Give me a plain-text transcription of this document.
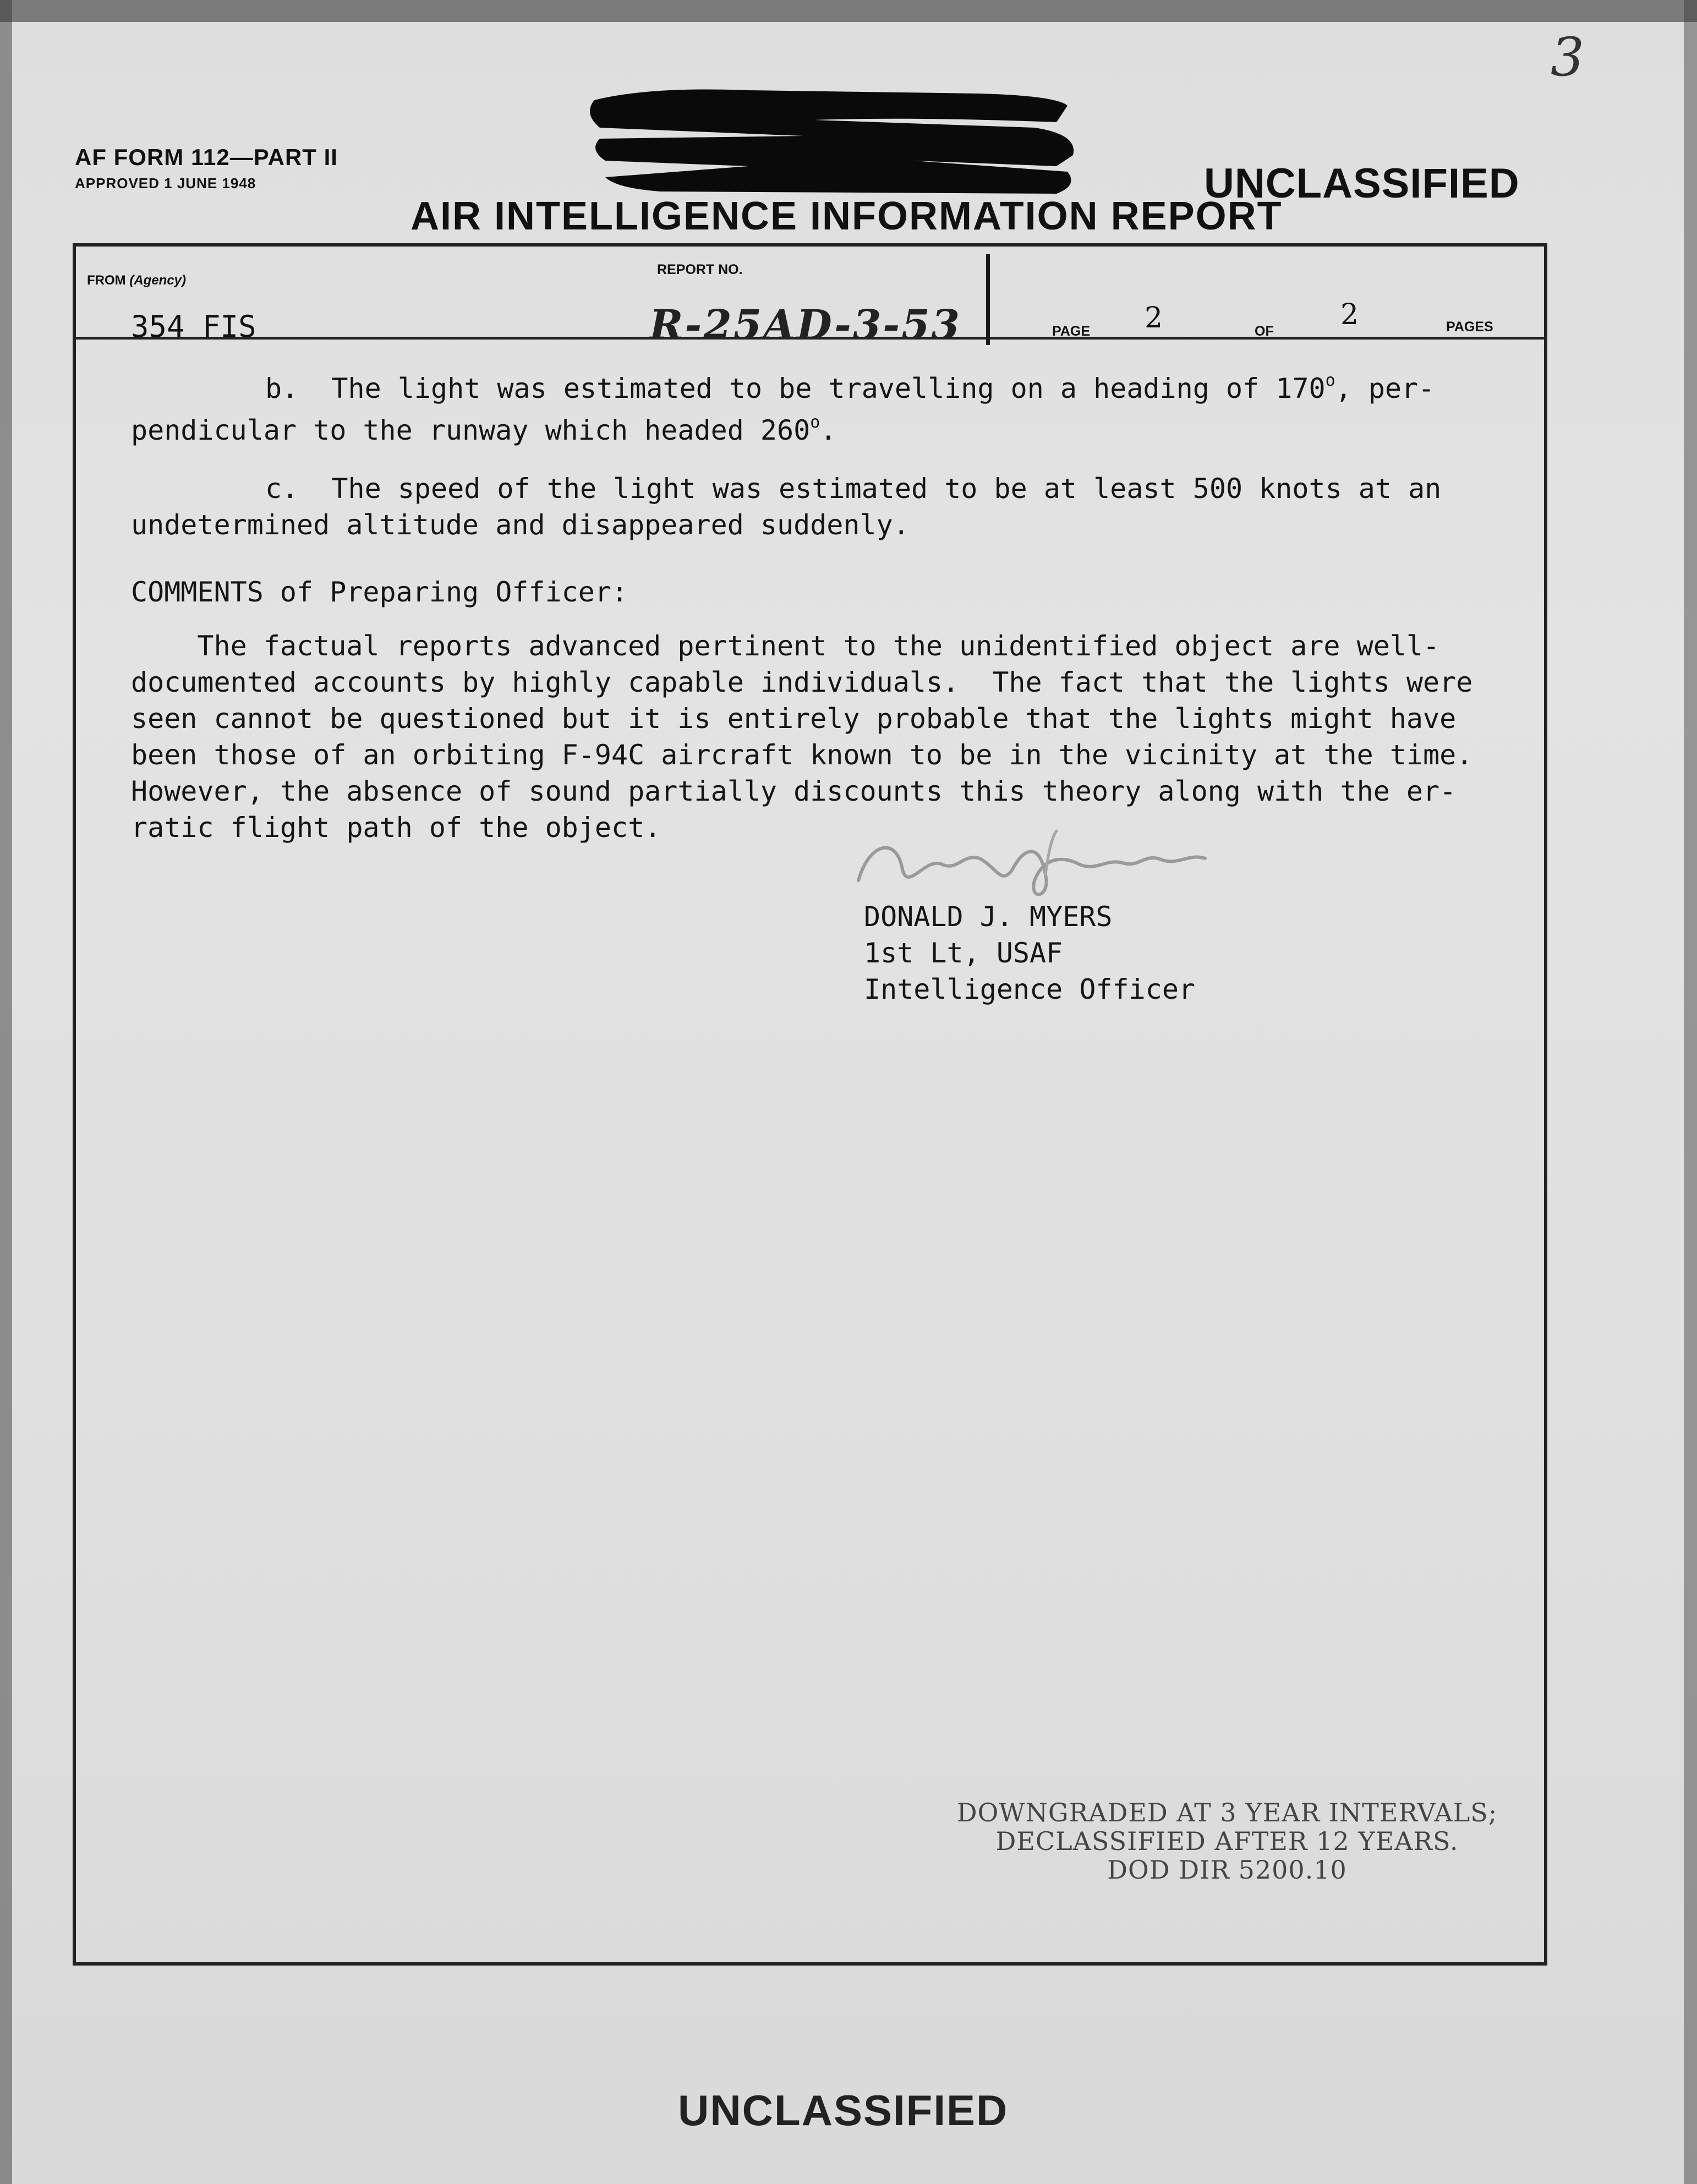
3
AF FORM 112—PART II
APPROVED 1 JUNE 1948	UNCLASSIFIED
AIR INTELLIGENCE INFORMATION REPORT
FROM (Agency)
354 FIS
REPORT NO.
R-25AD-3-53	PAGE 2	OF 2	PAGES
b.  The light was estimated to be travelling on a heading of 170$^o$, per-
pendicular to the runway which headed 260$^o$.
c.  The speed of the light was estimated to be at least 500 knots at an
undetermined altitude and disappeared suddenly.
COMMENTS of Preparing Officer:
The factual reports advanced pertinent to the unidentified object are well-
documented accounts by highly capable individuals.  The fact that the lights were
seen cannot be questioned but it is entirely probable that the lights might have
been those of an orbiting F-94C aircraft known to be in the vicinity at the time.
However, the absence of sound partially discounts this theory along with the er-
ratic flight path of the object.
DONALD J. MYERS
1st Lt, USAF
Intelligence Officer
DOWNGRADED AT 3 YEAR INTERVALS;
DECLASSIFIED AFTER 12 YEARS.
DOD DIR 5200.10
UNCLASSIFIED
